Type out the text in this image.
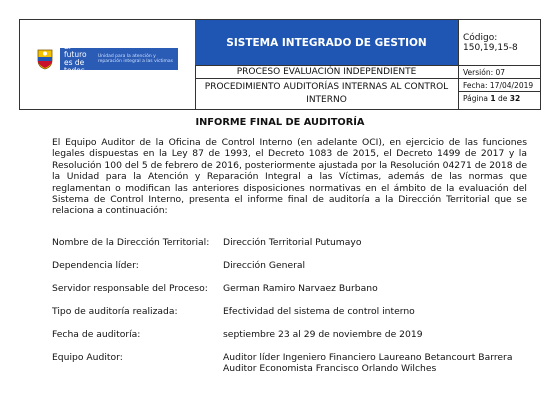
El futuro es de todos
Unidad para la atención y reparación integral a las víctimas
SISTEMA INTEGRADO DE GESTION
PROCESO EVALUACIÓN INDEPENDIENTE
PROCEDIMIENTO AUDITORÍAS INTERNAS AL CONTROL INTERNO
Código: 150,19,15-8
Versión: 07
Fecha: 17/04/2019
Página 1 de 32
INFORME FINAL DE AUDITORÍA
El Equipo Auditor de la Oficina de Control Interno (en adelante OCI), en ejercicio de las funciones legales dispuestas en la Ley 87 de 1993, el Decreto 1083 de 2015, el Decreto 1499 de 2017 y la Resolución 100 del 5 de febrero de 2016, posteriormente ajustada por la Resolución 04271 de 2018 de la Unidad para la Atención y Reparación Integral a las Víctimas, además de las normas que reglamentan o modifican las anteriores disposiciones normativas en el ámbito de la evaluación del Sistema de Control Interno, presenta el informe final de auditoría a la Dirección Territorial que se relaciona a continuación:
Nombre de la Dirección Territorial: Dirección Territorial Putumayo
Dependencia líder:	Dirección General
Servidor responsable del Proceso: German Ramiro Narvaez Burbano
Tipo de auditoría realizada:	Efectividad del sistema de control interno
Fecha de auditoría:	septiembre 23 al 29 de noviembre de 2019
Equipo Auditor:	Auditor líder Ingeniero Financiero Laureano Betancourt Barrera
Auditor Economista Francisco Orlando Wilches
